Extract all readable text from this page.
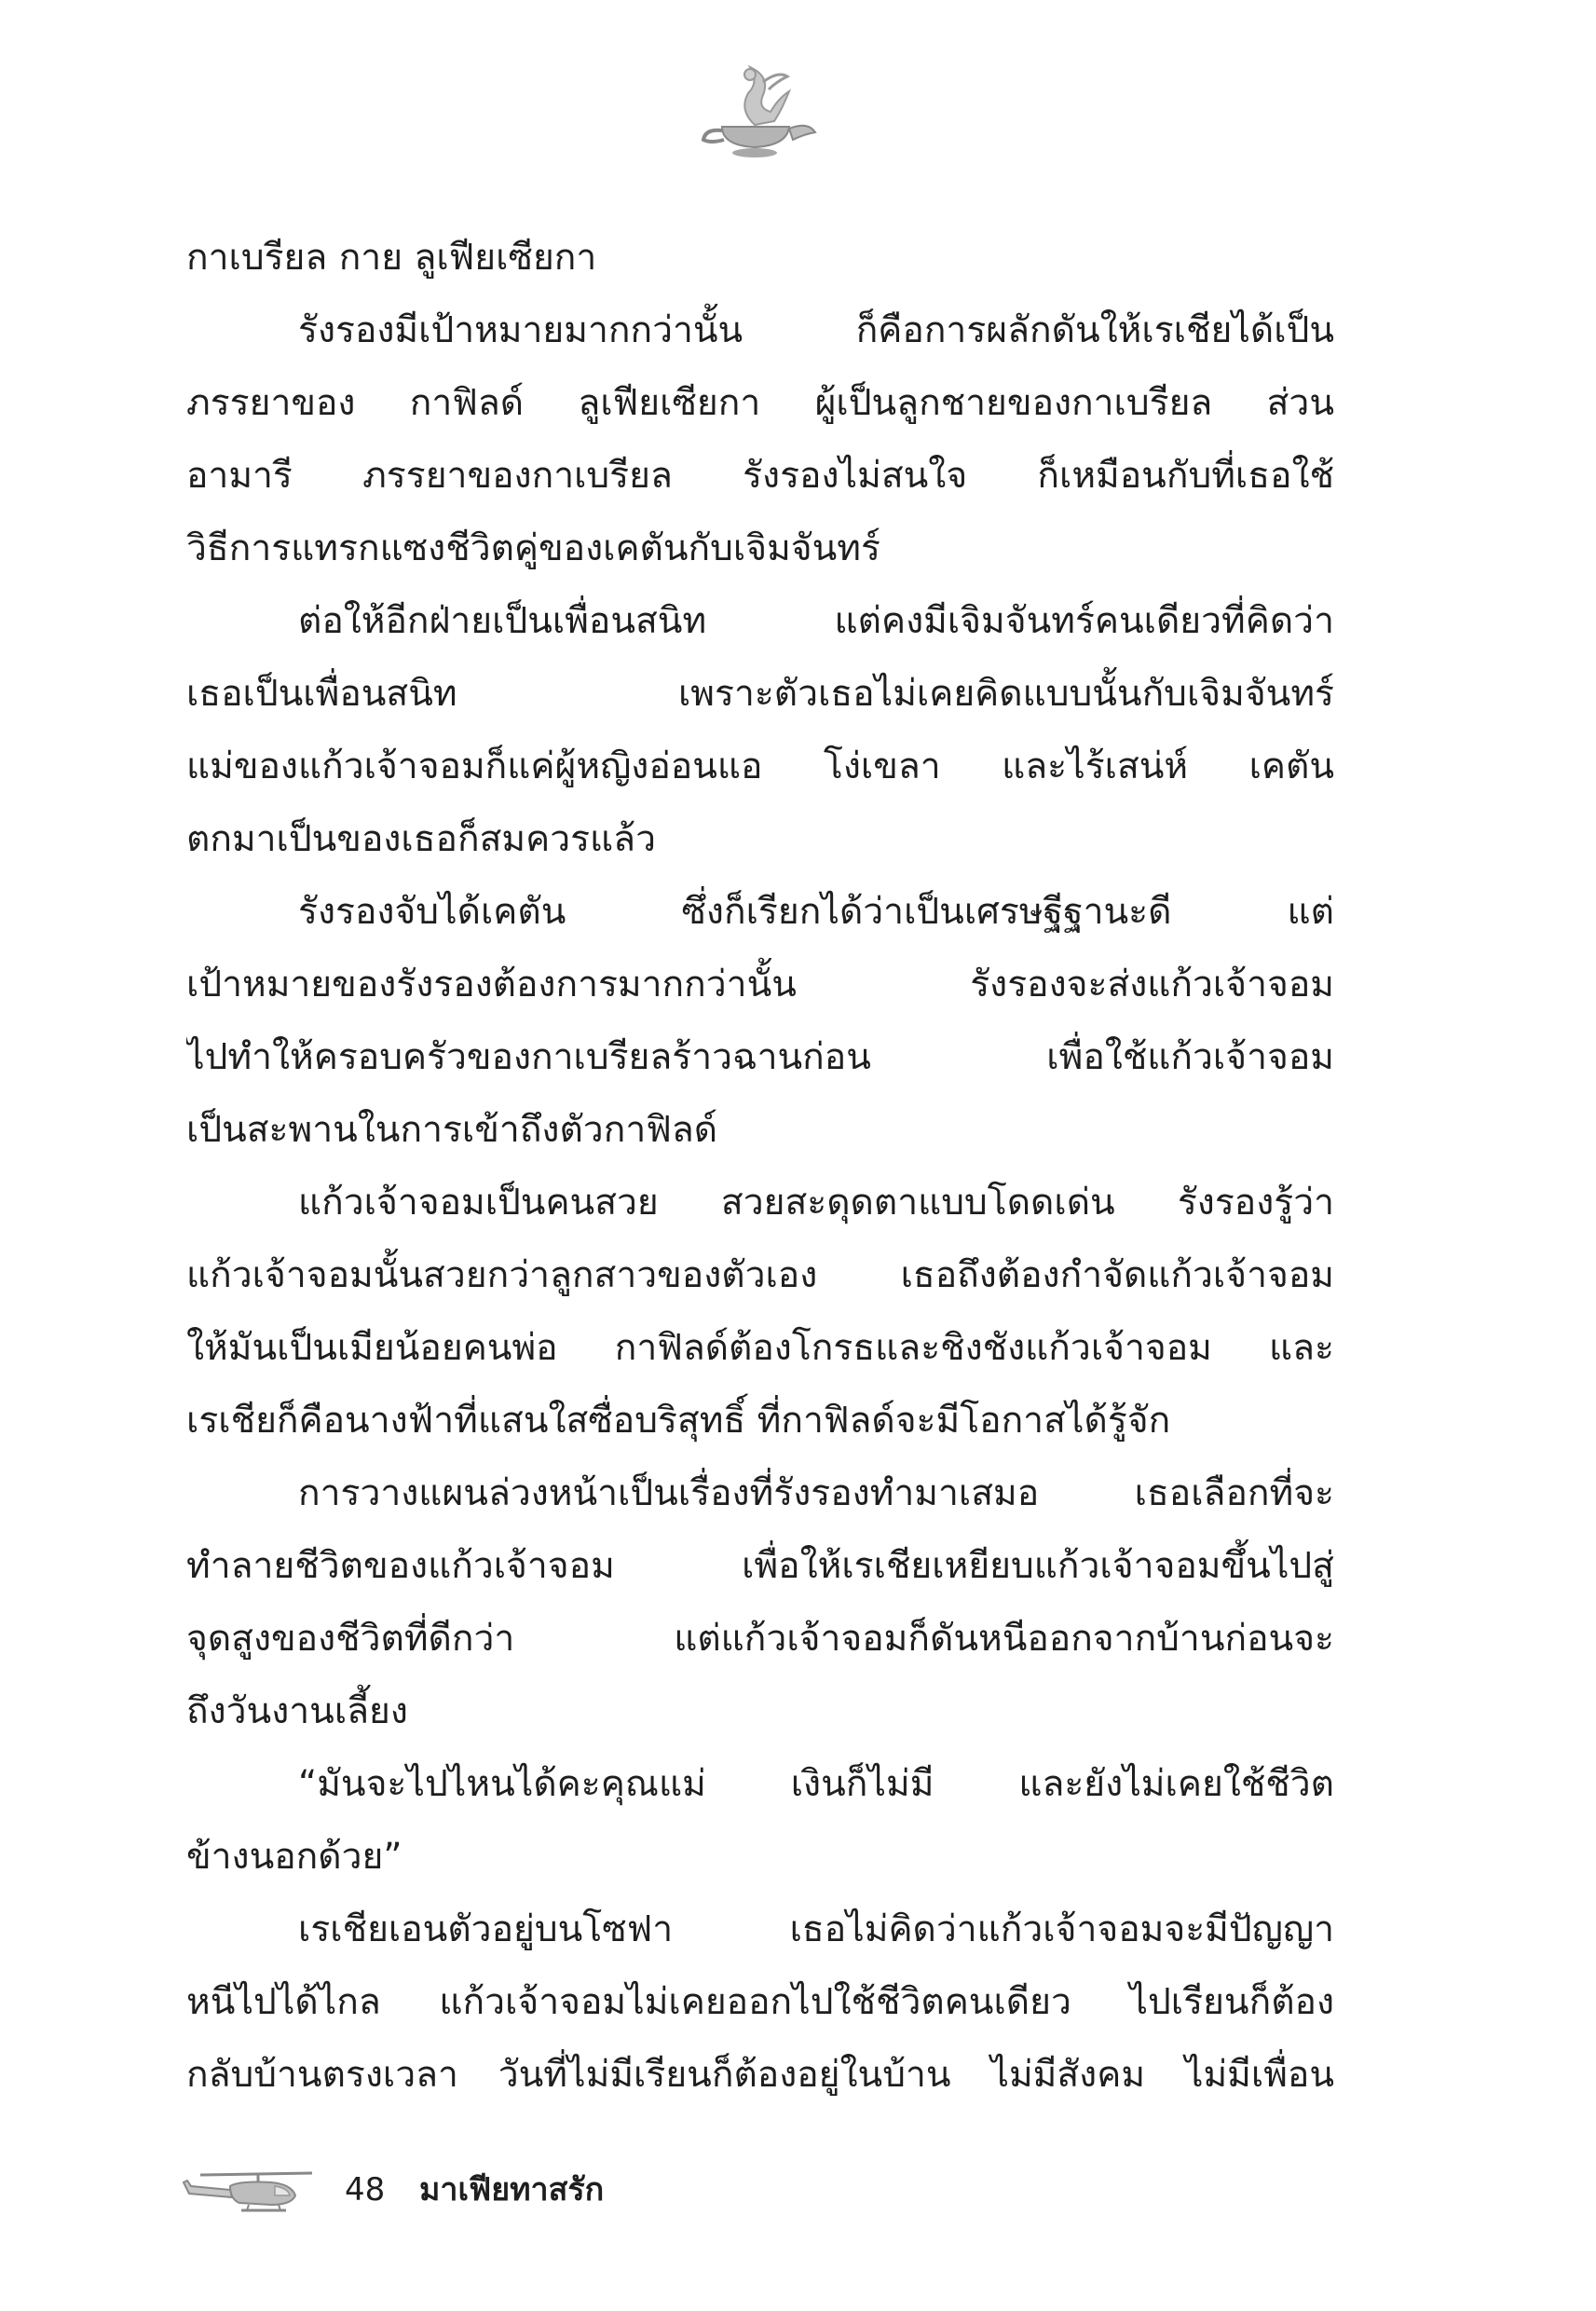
กาเบรียล กาย ลูเฟียเซียกา
รังรองมีเป้าหมายมากกว่านั้น ก็คือการผลักดันให้เรเชียได้เป็น
ภรรยาของ กาฟิลด์ ลูเฟียเซียกา ผู้เป็นลูกชายของกาเบรียล ส่วน
อามารี ภรรยาของกาเบรียล รังรองไม่สนใจ ก็เหมือนกับที่เธอใช้
วิธีการแทรกแซงชีวิตคู่ของเคตันกับเจิมจันทร์
ต่อให้อีกฝ่ายเป็นเพื่อนสนิท แต่คงมีเจิมจันทร์คนเดียวที่คิดว่า
เธอเป็นเพื่อนสนิท เพราะตัวเธอไม่เคยคิดแบบนั้นกับเจิมจันทร์
แม่ของแก้วเจ้าจอมก็แค่ผู้หญิงอ่อนแอ โง่เขลา และไร้เสน่ห์ เคตัน
ตกมาเป็นของเธอก็สมควรแล้ว
รังรองจับได้เคตัน ซึ่งก็เรียกได้ว่าเป็นเศรษฐีฐานะดี แต่
เป้าหมายของรังรองต้องการมากกว่านั้น รังรองจะส่งแก้วเจ้าจอม
ไปทำให้ครอบครัวของกาเบรียลร้าวฉานก่อน เพื่อใช้แก้วเจ้าจอม
เป็นสะพานในการเข้าถึงตัวกาฟิลด์
แก้วเจ้าจอมเป็นคนสวย สวยสะดุดตาแบบโดดเด่น รังรองรู้ว่า
แก้วเจ้าจอมนั้นสวยกว่าลูกสาวของตัวเอง เธอถึงต้องกำจัดแก้วเจ้าจอม
ให้มันเป็นเมียน้อยคนพ่อ กาฟิลด์ต้องโกรธและชิงชังแก้วเจ้าจอม และ
เรเชียก็คือนางฟ้าที่แสนใสซื่อบริสุทธิ์ ที่กาฟิลด์จะมีโอกาสได้รู้จัก
การวางแผนล่วงหน้าเป็นเรื่องที่รังรองทำมาเสมอ เธอเลือกที่จะ
ทำลายชีวิตของแก้วเจ้าจอม เพื่อให้เรเชียเหยียบแก้วเจ้าจอมขึ้นไปสู่
จุดสูงของชีวิตที่ดีกว่า แต่แก้วเจ้าจอมก็ดันหนีออกจากบ้านก่อนจะ
ถึงวันงานเลี้ยง
“มันจะไปไหนได้คะคุณแม่ เงินก็ไม่มี และยังไม่เคยใช้ชีวิต
ข้างนอกด้วย”
เรเชียเอนตัวอยู่บนโซฟา เธอไม่คิดว่าแก้วเจ้าจอมจะมีปัญญา
หนีไปได้ไกล แก้วเจ้าจอมไม่เคยออกไปใช้ชีวิตคนเดียว ไปเรียนก็ต้อง
กลับบ้านตรงเวลา วันที่ไม่มีเรียนก็ต้องอยู่ในบ้าน ไม่มีสังคม ไม่มีเพื่อน
48 มาเฟียทาสรัก
